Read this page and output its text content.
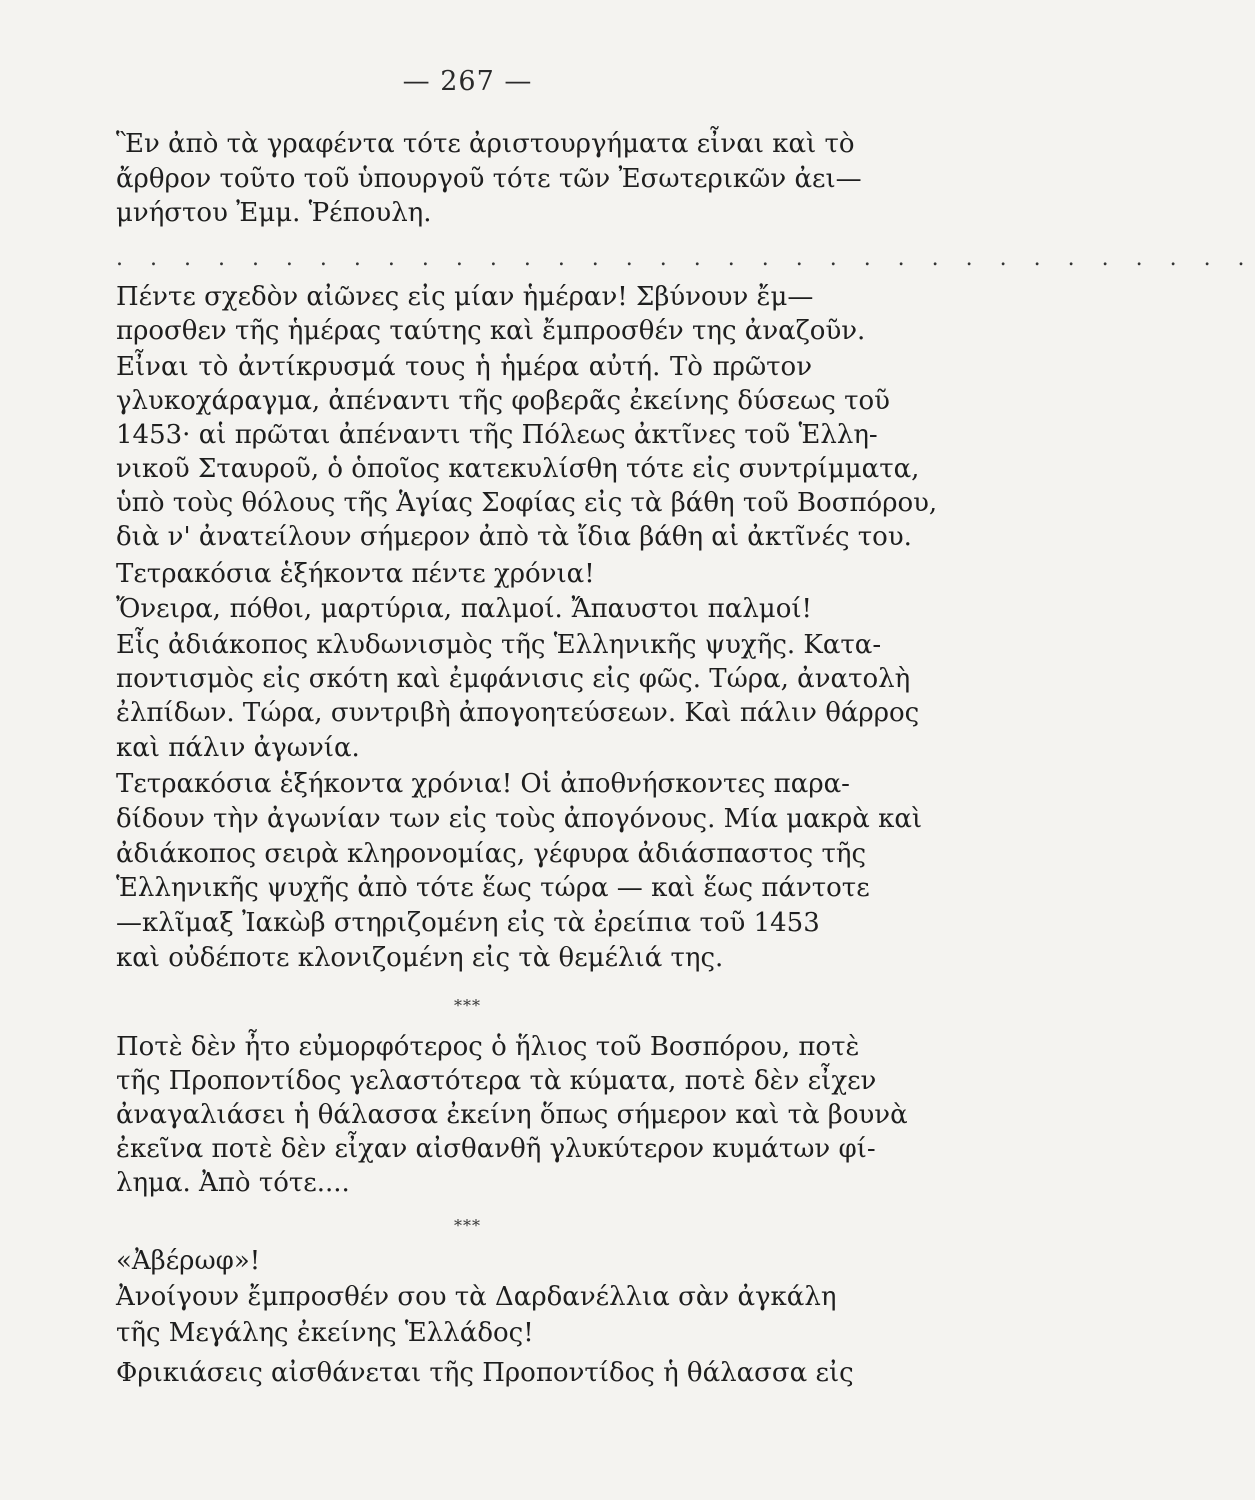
— 267 —
Ἓν ἀπὸ τὰ γραφέντα τότε ἀριστουργήματα εἶναι καὶ τὸ
ἄρθρον τοῦτο τοῦ ὑπουργοῦ τότε τῶν Ἐσωτερικῶν ἀει—
μνήστου Ἐμμ. Ῥέπουλη.
. . . . . . . . . . . . . . . . . . . . . . . . . . . . . . . . . .
Πέντε σχεδὸν αἰῶνες εἰς μίαν ἡμέραν! Σβύνουν ἔμ—
προσθεν τῆς ἡμέρας ταύτης καὶ ἔμπροσθέν της ἀναζοῦν.
Εἶναι τὸ ἀντίκρυσμά τους ἡ ἡμέρα αὐτή. Τὸ πρῶτον
γλυκοχάραγμα, ἀπέναντι τῆς φοβερᾶς ἐκείνης δύσεως τοῦ
1453· αἱ πρῶται ἀπέναντι τῆς Πόλεως ἀκτῖνες τοῦ Ἑλλη-
νικοῦ Σταυροῦ, ὁ ὁποῖος κατεκυλίσθη τότε εἰς συντρίμματα,
ὑπὸ τοὺς θόλους τῆς Ἁγίας Σοφίας εἰς τὰ βάθη τοῦ Βοσπόρου,
διὰ ν' ἀνατείλουν σήμερον ἀπὸ τὰ ἴδια βάθη αἱ ἀκτῖνές του.
Τετρακόσια ἑξήκοντα πέντε χρόνια!
Ὄνειρα, πόθοι, μαρτύρια, παλμοί. Ἄπαυστοι παλμοί!
Εἷς ἀδιάκοπος κλυδωνισμὸς τῆς Ἑλληνικῆς ψυχῆς. Κατα-
ποντισμὸς εἰς σκότη καὶ ἐμφάνισις εἰς φῶς. Τώρα, ἀνατολὴ
ἐλπίδων. Τώρα, συντριβὴ ἀπογοητεύσεων. Καὶ πάλιν θάρρος
καὶ πάλιν ἀγωνία.
Τετρακόσια ἑξήκοντα χρόνια! Οἱ ἀποθνήσκοντες παρα-
δίδουν τὴν ἀγωνίαν των εἰς τοὺς ἀπογόνους. Μία μακρὰ καὶ
ἀδιάκοπος σειρὰ κληρονομίας, γέφυρα ἀδιάσπαστος τῆς
Ἑλληνικῆς ψυχῆς ἀπὸ τότε ἕως τώρα — καὶ ἕως πάντοτε
—κλῖμαξ Ἰακὼβ στηριζομένη εἰς τὰ ἐρείπια τοῦ 1453
καὶ οὐδέποτε κλονιζομένη εἰς τὰ θεμέλιά της.
***
Ποτὲ δὲν ἦτο εὐμορφότερος ὁ ἥλιος τοῦ Βοσπόρου, ποτὲ
τῆς Προποντίδος γελαστότερα τὰ κύματα, ποτὲ δὲν εἶχεν
ἀναγαλιάσει ἡ θάλασσα ἐκείνη ὅπως σήμερον καὶ τὰ βουνὰ
ἐκεῖνα ποτὲ δὲν εἶχαν αἰσθανθῆ γλυκύτερον κυμάτων φί-
λημα. Ἀπὸ τότε....
***
«Ἀβέρωφ»!
Ἀνοίγουν ἔμπροσθέν σου τὰ Δαρδανέλλια σὰν ἀγκάλη
τῆς Μεγάλης ἐκείνης Ἑλλάδος!
Φρικιάσεις αἰσθάνεται τῆς Προποντίδος ἡ θάλασσα εἰς
